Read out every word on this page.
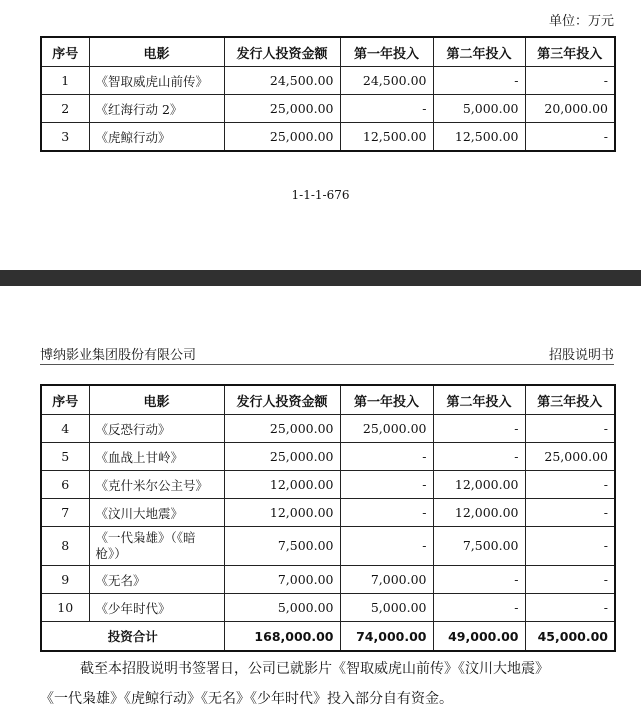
单位：万元
序号	电影	发行人投资金额	第一年投入	第二年投入	第三年投入
1	《智取威虎山前传》	24,500.00	24,500.00	-	-
2	《红海行动 2》	25,000.00	-	5,000.00	20,000.00
3	《虎鲸行动》	25,000.00	12,500.00	12,500.00	-
1-1-1-676
博纳影业集团股份有限公司	招股说明书
序号	电影	发行人投资金额	第一年投入	第二年投入	第三年投入
4	《反恐行动》	25,000.00	25,000.00	-	-
5	《血战上甘岭》	25,000.00	-	-	25,000.00
6	《克什米尔公主号》	12,000.00	-	12,000.00	-
7	《汶川大地震》	12,000.00	-	12,000.00	-
8	《一代枭雄》（《暗枪》）	7,500.00	-	7,500.00	-
9	《无名》	7,000.00	7,000.00	-	-
10	《少年时代》	5,000.00	5,000.00	-	-
投资合计		168,000.00	74,000.00	49,000.00	45,000.00
截至本招股说明书签署日，公司已就影片《智取威虎山前传》《汶川大地震》
《一代枭雄》《虎鲸行动》《无名》《少年时代》投入部分自有资金。
